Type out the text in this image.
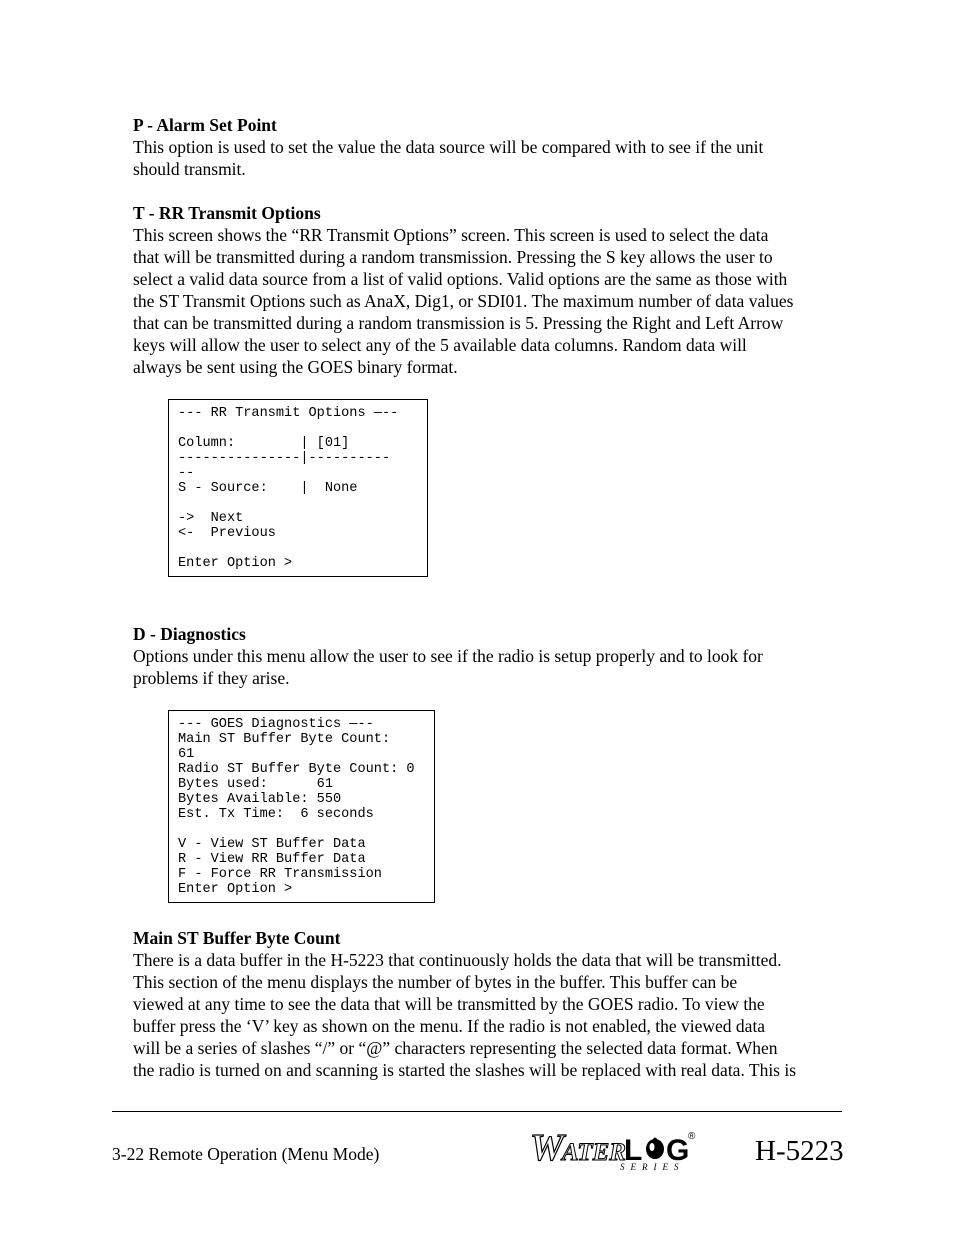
P - Alarm Set Point

This option is used to set the value the data source will be compared with to see if the unit
should transmit.

T - RR Transmit Options

This screen shows the “RR Transmit Options” screen. This screen is used to select the data
that will be transmitted during a random transmission. Pressing the S key allows the user to
select a valid data source from a list of valid options. Valid options are the same as those with
the ST Transmit Options such as AnaX, Dig1, or SDI01. The maximum number of data values
that can be transmitted during a random transmission is 5. Pressing the Right and Left Arrow
keys will allow the user to select any of the 5 available data columns. Random data will
always be sent using the GOES binary format.

--- RR Transmit Options —--
Column:        | [01]
---------------|----------
--
S - Source:    |  None
->  Next
<-  Previous
Enter Option >

D - Diagnostics

Options under this menu allow the user to see if the radio is setup properly and to look for
problems if they arise.

--- GOES Diagnostics —--
Main ST Buffer Byte Count:
61
Radio ST Buffer Byte Count: 0
Bytes used:      61
Bytes Available: 550
Est. Tx Time:  6 seconds
V - View ST Buffer Data
R - View RR Buffer Data
F - Force RR Transmission
Enter Option >

Main ST Buffer Byte Count

There is a data buffer in the H-5223 that continuously holds the data that will be transmitted.
This section of the menu displays the number of bytes in the buffer. This buffer can be
viewed at any time to see the data that will be transmitted by the GOES radio. To view the
buffer press the ‘V’ key as shown on the menu. If the radio is not enabled, the viewed data
will be a series of slashes “/” or “@” characters representing the selected data format. When
the radio is turned on and scanning is started the slashes will be replaced with real data. This is

3-22 Remote Operation (Menu Mode)	W
ATER
L G
®
SERIES H-5223
